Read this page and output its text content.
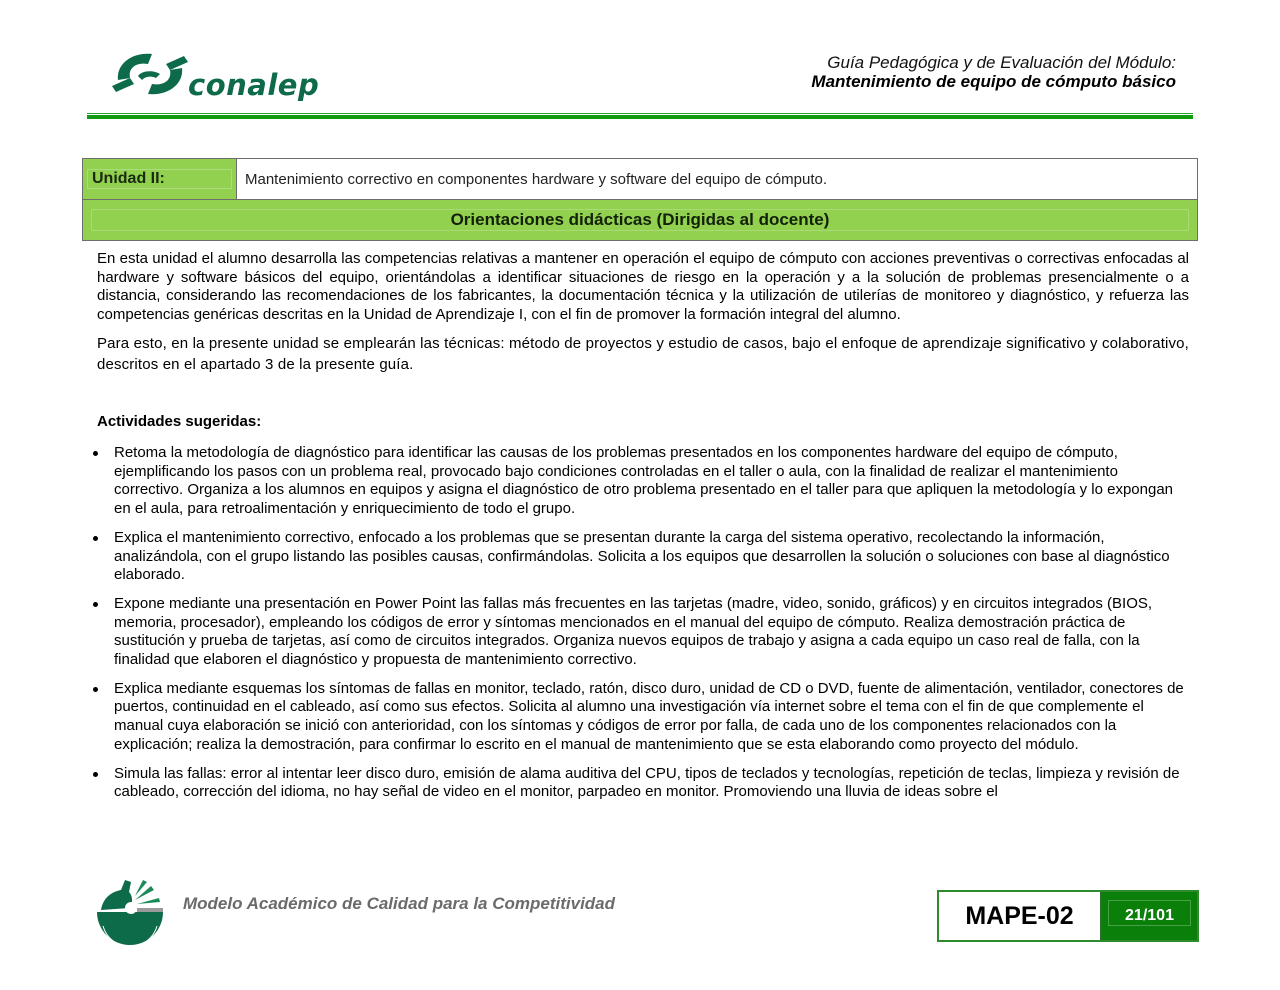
conalep
Guía Pedagógica y de Evaluación del Módulo:
Mantenimiento de equipo de cómputo básico
Unidad II:	Mantenimiento correctivo en componentes hardware y software del equipo de cómputo.
Orientaciones didácticas (Dirigidas al docente)

En esta unidad el alumno desarrolla las competencias relativas a mantener en operación el equipo de cómputo con acciones preventivas o correctivas enfocadas al hardware y software básicos del equipo, orientándolas a identificar situaciones de riesgo en la operación y a la solución de problemas presencialmente o a distancia, considerando las recomendaciones de los fabricantes, la documentación técnica y la utilización de utilerías de monitoreo y diagnóstico, y refuerza las competencias genéricas descritas en la Unidad de Aprendizaje I, con el fin de promover la formación integral del alumno.

Para esto, en la presente unidad se emplearán las técnicas: método de proyectos y estudio de casos, bajo el enfoque de aprendizaje significativo y colaborativo, descritos en el apartado 3 de la presente guía.

Actividades sugeridas:

Retoma la metodología de diagnóstico para identificar las causas de los problemas presentados en los componentes hardware del equipo de cómputo, ejemplificando los pasos con un problema real, provocado bajo condiciones controladas en el taller o aula, con la finalidad de realizar el mantenimiento correctivo. Organiza a los alumnos en equipos y asigna el diagnóstico de otro problema presentado en el taller para que apliquen la metodología y lo expongan en el aula, para retroalimentación y enriquecimiento de todo el grupo.
Explica el mantenimiento correctivo, enfocado a los problemas que se presentan durante la carga del sistema operativo, recolectando la información, analizándola, con el grupo listando las posibles causas, confirmándolas. Solicita a los equipos que desarrollen la solución o soluciones con base al diagnóstico elaborado.
Expone mediante una presentación en Power Point las fallas más frecuentes en las tarjetas (madre, video, sonido, gráficos) y en circuitos integrados (BIOS, memoria, procesador), empleando los códigos de error y síntomas mencionados en el manual del equipo de cómputo. Realiza demostración práctica de sustitución y prueba de tarjetas, así como de circuitos integrados. Organiza nuevos equipos de trabajo y asigna a cada equipo un caso real de falla, con la finalidad que elaboren el diagnóstico y propuesta de mantenimiento correctivo.
Explica mediante esquemas los síntomas de fallas en monitor, teclado, ratón, disco duro, unidad de CD o DVD, fuente de alimentación, ventilador, conectores de puertos, continuidad en el cableado, así como sus efectos. Solicita al alumno una investigación vía internet sobre el tema con el fin de que complemente el manual cuya elaboración se inició con anterioridad, con los síntomas y códigos de error por falla, de cada uno de los componentes relacionados con la explicación; realiza la demostración, para confirmar lo escrito en el manual de mantenimiento que se esta elaborando como proyecto del módulo.
Simula las fallas: error al intentar leer disco duro, emisión de alama auditiva del CPU, tipos de teclados y tecnologías, repetición de teclas, limpieza y revisión de cableado, corrección del idioma, no hay señal de video en el monitor, parpadeo en monitor. Promoviendo una lluvia de ideas sobre el
Modelo Académico de Calidad para la Competitividad	MAPE-02	21/101
